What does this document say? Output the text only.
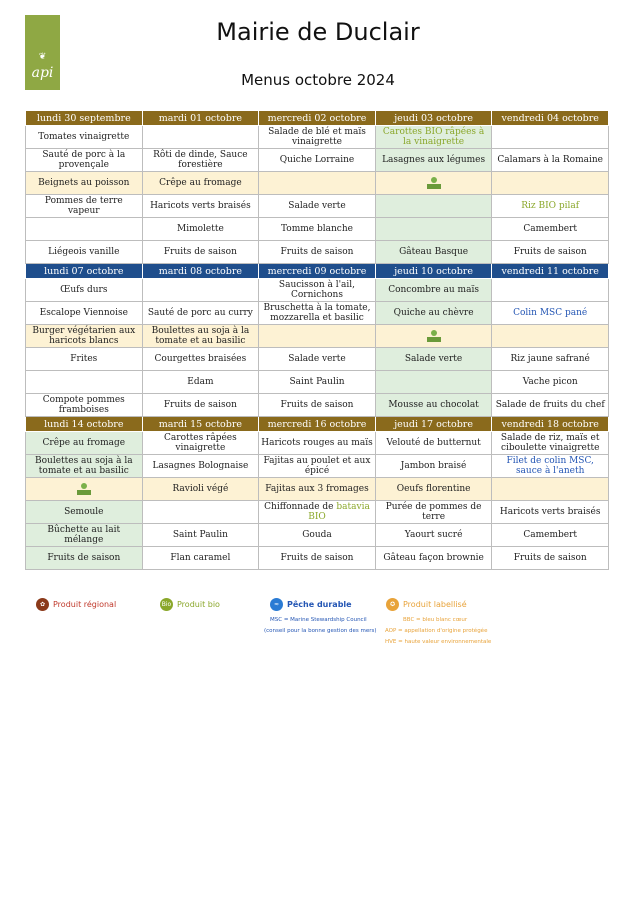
❦
api
Mairie de Duclair
Menus octobre 2024
lundi 30 septembre	mardi 01 octobre	mercredi 02 octobre	jeudi 03 octobre	vendredi 04 octobre
Tomates vinaigrette		Salade de blé et maïs vinaigrette	Carottes BIO râpées à la vinaigrette	
Sauté de porc à la provençale	Rôti de dinde, Sauce forestière	Quiche Lorraine	Lasagnes aux légumes	Calamars à la Romaine
Beignets au poisson	Crêpe au fromage			
Pommes de terre vapeur	Haricots verts braisés	Salade verte		Riz BIO pilaf
	Mimolette	Tomme blanche		Camembert
Liégeois vanille	Fruits de saison	Fruits de saison	Gâteau Basque	Fruits de saison
lundi 07 octobre	mardi 08 octobre	mercredi 09 octobre	jeudi 10 octobre	vendredi 11 octobre
Œufs durs		Saucisson à l'ail, Cornichons	Concombre au maïs	
Escalope Viennoise	Sauté de porc au curry	Bruschetta à la tomate, mozzarella et basilic	Quiche au chèvre	Colin MSC pané
Burger végétarien aux haricots blancs	Boulettes au soja à la tomate et au basilic			
Frites	Courgettes braisées	Salade verte	Salade verte	Riz jaune safrané
	Edam	Saint Paulin		Vache picon
Compote pommes framboises	Fruits de saison	Fruits de saison	Mousse au chocolat	Salade de fruits du chef
lundi 14 octobre	mardi 15 octobre	mercredi 16 octobre	jeudi 17 octobre	vendredi 18 octobre
Crêpe au fromage	Carottes râpées vinaigrette	Haricots rouges au maïs	Velouté de butternut	Salade de riz, maïs et ciboulette vinaigrette
Boulettes au soja à la tomate et au basilic	Lasagnes Bolognaise	Fajitas au poulet et aux épicé	Jambon braisé	Filet de colin MSC, sauce à l'aneth
	Ravioli végé	Fajitas aux 3 fromages	Oeufs florentine	
Semoule		Chiffonnade de batavia BIO	Purée de pommes de terre	Haricots verts braisés
Bûchette au lait mélange	Saint Paulin	Gouda	Yaourt sucré	Camembert
Fruits de saison	Flan caramel	Fruits de saison	Gâteau façon brownie	Fruits de saison
✿ Produit régional	Bio Produit bio	≈ Pêche durable
MSC = Marine Stewardship Council
(conseil pour la bonne gestion des mers)
✪ Produit labellisé
BBC = bleu blanc cœur
AOP = appellation d'origine protégée
HVE = haute valeur environnementale
